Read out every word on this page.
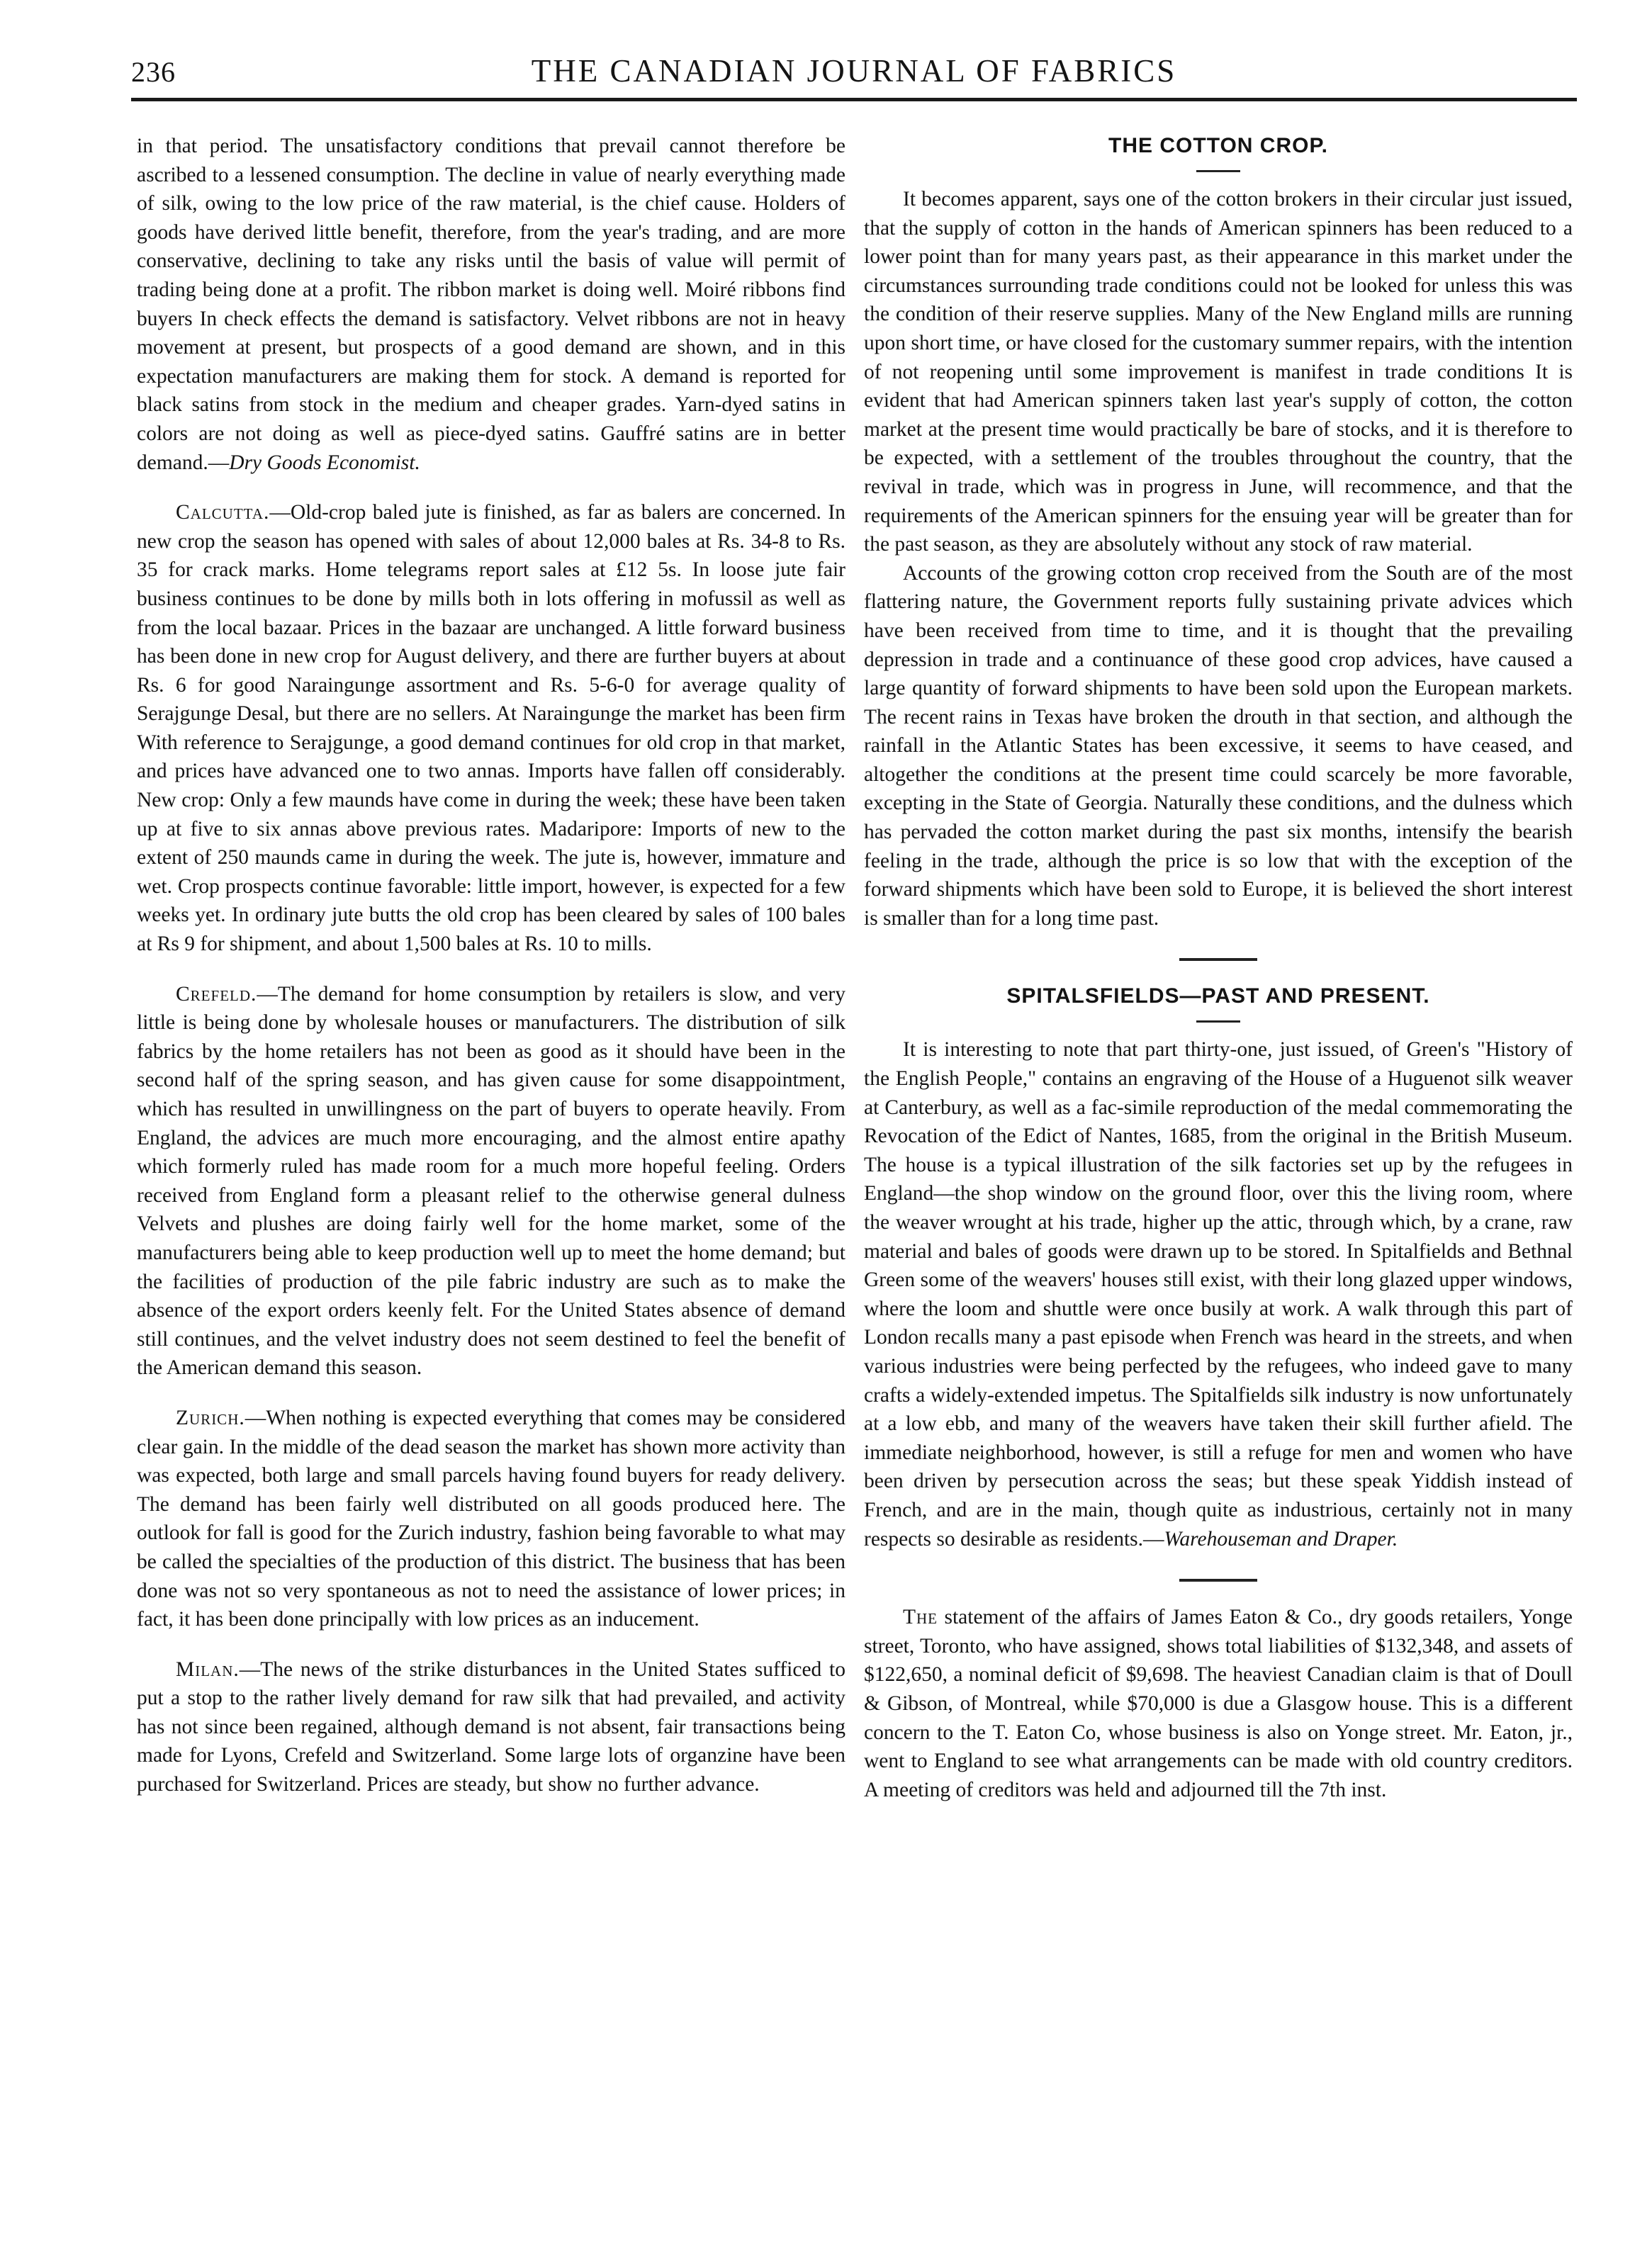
236	THE CANADIAN JOURNAL OF FABRICS

in that period. The unsatisfactory conditions that prevail cannot therefore be ascribed to a lessened consumption. The decline in value of nearly everything made of silk, owing to the low price of the raw material, is the chief cause. Holders of goods have derived little benefit, therefore, from the year's trading, and are more conservative, declining to take any risks until the basis of value will permit of trading being done at a profit. The ribbon market is doing well. Moiré ribbons find buyers In check effects the demand is satisfactory. Velvet ribbons are not in heavy movement at present, but prospects of a good demand are shown, and in this expectation manufacturers are making them for stock. A demand is reported for black satins from stock in the medium and cheaper grades. Yarn-dyed satins in colors are not doing as well as piece-dyed satins. Gauffré satins are in better demand.—Dry Goods Economist.

Calcutta.—Old-crop baled jute is finished, as far as balers are concerned. In new crop the season has opened with sales of about 12,000 bales at Rs. 34-8 to Rs. 35 for crack marks. Home telegrams report sales at £12 5s. In loose jute fair business continues to be done by mills both in lots offering in mofussil as well as from the local bazaar. Prices in the bazaar are unchanged. A little forward business has been done in new crop for August delivery, and there are further buyers at about Rs. 6 for good Naraingunge assortment and Rs. 5-6-0 for average quality of Serajgunge Desal, but there are no sellers. At Naraingunge the market has been firm With reference to Serajgunge, a good demand continues for old crop in that market, and prices have advanced one to two annas. Imports have fallen off considerably. New crop: Only a few maunds have come in during the week; these have been taken up at five to six annas above previous rates. Madaripore: Imports of new to the extent of 250 maunds came in during the week. The jute is, however, immature and wet. Crop prospects continue favorable: little import, however, is expected for a few weeks yet. In ordinary jute butts the old crop has been cleared by sales of 100 bales at Rs 9 for shipment, and about 1,500 bales at Rs. 10 to mills.

Crefeld.—The demand for home consumption by retailers is slow, and very little is being done by wholesale houses or manufacturers. The distribution of silk fabrics by the home retailers has not been as good as it should have been in the second half of the spring season, and has given cause for some disappointment, which has resulted in unwillingness on the part of buyers to operate heavily. From England, the advices are much more encouraging, and the almost entire apathy which formerly ruled has made room for a much more hopeful feeling. Orders received from England form a pleasant relief to the otherwise general dulness Velvets and plushes are doing fairly well for the home market, some of the manufacturers being able to keep production well up to meet the home demand; but the facilities of production of the pile fabric industry are such as to make the absence of the export orders keenly felt. For the United States absence of demand still continues, and the velvet industry does not seem destined to feel the benefit of the American demand this season.

Zurich.—When nothing is expected everything that comes may be considered clear gain. In the middle of the dead season the market has shown more activity than was expected, both large and small parcels having found buyers for ready delivery. The demand has been fairly well distributed on all goods produced here. The outlook for fall is good for the Zurich industry, fashion being favorable to what may be called the specialties of the production of this district. The business that has been done was not so very spontaneous as not to need the assistance of lower prices; in fact, it has been done principally with low prices as an inducement.

Milan.—The news of the strike disturbances in the United States sufficed to put a stop to the rather lively demand for raw silk that had prevailed, and activity has not since been regained, although demand is not absent, fair transactions being made for Lyons, Crefeld and Switzerland. Some large lots of organzine have been purchased for Switzerland. Prices are steady, but show no further advance.

THE COTTON CROP.

It becomes apparent, says one of the cotton brokers in their circular just issued, that the supply of cotton in the hands of American spinners has been reduced to a lower point than for many years past, as their appearance in this market under the circumstances surrounding trade conditions could not be looked for unless this was the condition of their reserve supplies. Many of the New England mills are running upon short time, or have closed for the customary summer repairs, with the intention of not reopening until some improvement is manifest in trade conditions It is evident that had American spinners taken last year's supply of cotton, the cotton market at the present time would practically be bare of stocks, and it is therefore to be expected, with a settlement of the troubles throughout the country, that the revival in trade, which was in progress in June, will recommence, and that the requirements of the American spinners for the ensuing year will be greater than for the past season, as they are absolutely without any stock of raw material.

Accounts of the growing cotton crop received from the South are of the most flattering nature, the Government reports fully sustaining private advices which have been received from time to time, and it is thought that the prevailing depression in trade and a continuance of these good crop advices, have caused a large quantity of forward shipments to have been sold upon the European markets. The recent rains in Texas have broken the drouth in that section, and although the rainfall in the Atlantic States has been excessive, it seems to have ceased, and altogether the conditions at the present time could scarcely be more favorable, excepting in the State of Georgia. Naturally these conditions, and the dulness which has pervaded the cotton market during the past six months, intensify the bearish feeling in the trade, although the price is so low that with the exception of the forward shipments which have been sold to Europe, it is believed the short interest is smaller than for a long time past.

SPITALSFIELDS—PAST AND PRESENT.

It is interesting to note that part thirty-one, just issued, of Green's "History of the English People," contains an engraving of the House of a Huguenot silk weaver at Canterbury, as well as a fac-simile reproduction of the medal commemorating the Revocation of the Edict of Nantes, 1685, from the original in the British Museum. The house is a typical illustration of the silk factories set up by the refugees in England—the shop window on the ground floor, over this the living room, where the weaver wrought at his trade, higher up the attic, through which, by a crane, raw material and bales of goods were drawn up to be stored. In Spitalfields and Bethnal Green some of the weavers' houses still exist, with their long glazed upper windows, where the loom and shuttle were once busily at work. A walk through this part of London recalls many a past episode when French was heard in the streets, and when various industries were being perfected by the refugees, who indeed gave to many crafts a widely-extended impetus. The Spitalfields silk industry is now unfortunately at a low ebb, and many of the weavers have taken their skill further afield. The immediate neighborhood, however, is still a refuge for men and women who have been driven by persecution across the seas; but these speak Yiddish instead of French, and are in the main, though quite as industrious, certainly not in many respects so desirable as residents.—Warehouseman and Draper.

The statement of the affairs of James Eaton & Co., dry goods retailers, Yonge street, Toronto, who have assigned, shows total liabilities of $132,348, and assets of $122,650, a nominal deficit of $9,698. The heaviest Canadian claim is that of Doull & Gibson, of Montreal, while $70,000 is due a Glasgow house. This is a different concern to the T. Eaton Co, whose business is also on Yonge street. Mr. Eaton, jr., went to England to see what arrangements can be made with old country creditors. A meeting of creditors was held and adjourned till the 7th inst.
